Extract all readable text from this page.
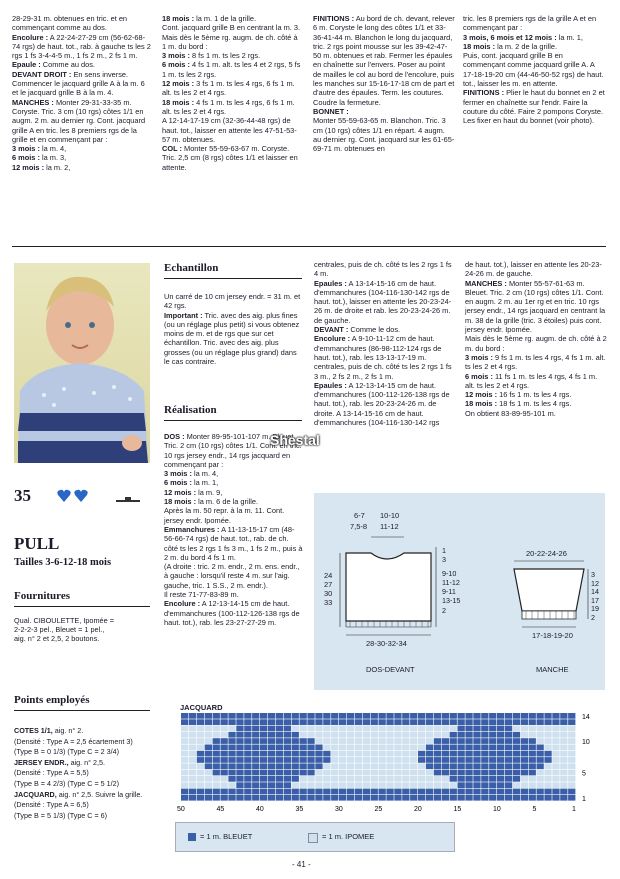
28-29-31 m. obtenues en tric. et en commençant comme au dos.

Encolure : A 22-24-27-29 cm (56-62-68-74 rgs) de haut. tot., rab. à gauche ts les 2 rgs 1 fs 3-4-4-5 m., 1 fs 2 m., 2 fs 1 m.

Epaule : Comme au dos.

DEVANT DROIT : En sens inverse. Commencer le jacquard grille A à la m. 6 et le jacquard grille B à la m. 4.

MANCHES : Monter 29-31-33-35 m. Coryste. Tric. 3 cm (10 rgs) côtes 1/1 en augm. 2 m. au dernier rg. Cont. jacquard grille A en tric. les 8 premiers rgs de la grille et en commençant par :

3 mois : la m. 4,

6 mois : la m. 3,

12 mois : la m. 2,

18 mois : la m. 1 de la grille.

Cont. jacquard grille B en centrant la m. 3.

Mais dès le 5ème rg. augm. de ch. côté à 1 m. du bord :

3 mois : 8 fs 1 m. ts les 2 rgs.

6 mois : 4 fs 1 m. alt. ts les 4 et 2 rgs, 5 fs 1 m. ts les 2 rgs.

12 mois : 3 fs 1 m. ts les 4 rgs, 6 fs 1 m. alt. ts les 2 et 4 rgs.

18 mois : 4 fs 1 m. ts les 4 rgs, 6 fs 1 m. alt. ts les 2 et 4 rgs.

A 12-14-17-19 cm (32-36-44-48 rgs) de haut. tot., laisser en attente les 47-51-53-57 m. obtenues.

COL : Monter 55-59-63-67 m. Coryste. Tric. 2,5 cm (8 rgs) côtes 1/1 et laisser en attente.

FINITIONS : Au bord de ch. devant, relever 6 m. Coryste le long des côtes 1/1 et 33-36-41-44 m. Blanchon le long du jacquard, tric. 2 rgs point mousse sur les 39-42-47-50 m. obtenues et rab. Fermer les épaules en chaînette sur l'envers. Poser au point de mailles le col au bord de l'encolure, puis les manches sur 15-16-17-18 cm de part et d'autre des épaules. Term. les coutures. Coudre la fermeture.

BONNET :

Monter 55-59-63-65 m. Blanchon. Tric. 3 cm (10 rgs) côtes 1/1 en répart. 4 augm. au dernier rg. Cont. jacquard sur les 61-65-69-71 m. obtenues en

tric. les 8 premiers rgs de la grille A et en commençant par :

3 mois, 6 mois et 12 mois : la m. 1,

18 mois : la m. 2 de la grille.

Puis, cont. jacquard grille B en commençant comme jacquard grille A. A 17-18-19-20 cm (44-46-50-52 rgs) de haut. tot., laisser les m. en attente.

FINITIONS : Plier le haut du bonnet en 2 et fermer en chaînette sur l'endr. Faire la couture du côté. Faire 2 pompons Coryste. Les fixer en haut du bonnet (voir photo).

35
PULL
Tailles 3-6-12-18 mois
Fournitures
Qual. CIBOULETTE, Ipomée = 2-2-2-3 pel., Bleuet = 1 pel., aig. n° 2 et 2,5, 2 boutons.
Points employés

COTES 1/1, aig. n° 2.

(Densité : Type A = 2,5 écartement 3)

(Type B = 0 1/3) (Type C = 2 3/4)

JERSEY ENDR., aig. n° 2,5.

(Densité : Type A = 5,5)

(Type B = 4 2/3) (Type C = 5 1/2)

JACQUARD, aig. n° 2,5. Suivre la grille.

(Densité : Type A = 6,5)

(Type B = 5 1/3) (Type C = 6)

Echantillon

Un carré de 10 cm jersey endr. = 31 m. et 42 rgs.

Important : Tric. avec des aig. plus fines (ou un réglage plus petit) si vous obtenez moins de m. et de rgs que sur cet échantillon. Tric. avec des aig. plus grosses (ou un réglage plus grand) dans le cas contraire.

Réalisation

DOS : Monter 89-95-101-107 m. Bleuet. Tric. 2 cm (10 rgs) côtes 1/1. Cont. en tric. 10 rgs jersey endr., 14 rgs jacquard en commençant par :

3 mois : la m. 4,

6 mois : la m. 1,

12 mois : la m. 9,

18 mois : la m. 6 de la grille.

Après la m. 50 repr. à la m. 11. Cont. jersey endr. Ipomée.

Emmanchures : A 11-13-15-17 cm (48-56-66-74 rgs) de haut. tot., rab. de ch. côté ts les 2 rgs 1 fs 3 m., 1 fs 2 m., puis à 2 m. du bord 4 fs 1 m.

(A droite : tric. 2 m. endr., 2 m. ens. endr., à gauche : lorsqu'il reste 4 m. sur l'aig. gauche, tric. 1 S.S., 2 m. endr.).

Il reste 71-77-83-89 m.

Encolure : A 12-13-14-15 cm de haut. d'emmanchures (100-112-126-138 rgs de haut. tot.), rab. les 23-27-27-29 m.

centrales, puis de ch. côté ts les 2 rgs 1 fs 4 m.

Epaules : A 13-14-15-16 cm de haut. d'emmanchures (104-116-130-142 rgs de haut. tot.), laisser en attente les 20-23-24-26 m. de droite et rab. les 20-23-24-26 m. de gauche.

DEVANT : Comme le dos.

Encolure : A 9-10-11-12 cm de haut. d'emmanchures (86-98-112-124 rgs de haut. tot.), rab. les 13-13-17-19 m. centrales, puis de ch. côté ts les 2 rgs 1 fs 3 m., 2 fs 2 m., 2 fs 1 m.

Epaules : A 12-13-14-15 cm de haut. d'emmanchures (100-112-126-138 rgs de haut. tot.), rab. les 20-23-24-26 m. de droite. A 13-14-15-16 cm de haut. d'emmanchures (104-116-130-142 rgs

de haut. tot.), laisser en attente les 20-23-24-26 m. de gauche.

MANCHES : Monter 55-57-61-63 m. Bleuet. Tric. 2 cm (10 rgs) côtes 1/1. Cont. en augm. 2 m. au 1er rg et en tric. 10 rgs jersey endr., 14 rgs jacquard en centrant la m. 38 de la grille (tric. 3 étoiles) puis cont. jersey endr. Ipomée.

Mais dès le 5ème rg. augm. de ch. côté à 2 m. du bord :

3 mois : 9 fs 1 m. ts les 4 rgs, 4 fs 1 m. alt. ts les 2 et 4 rgs.

6 mois : 11 fs 1 m. ts les 4 rgs, 4 fs 1 m. alt. ts les 2 et 4 rgs.

12 mois : 16 fs 1 m. ts les 4 rgs.

18 mois : 18 fs 1 m. ts les 4 rgs.

On obtient 83-89-95-101 m.

Shestal
6-7 10-10
7,5-8 11-12
24
27
30
33
1
3
9-10
11-12
9-11
13-15
2
28-30-32-34
DOS-DEVANT
20-22-24-26
3
12
14
17
19
2
17-18-19-20
MANCHE
JACQUARD
50	45	40	35	30	25	20	15	10	5	1
14
10
5
1
= 1 m. BLEUET	= 1 m. IPOMEE
- 41 -
